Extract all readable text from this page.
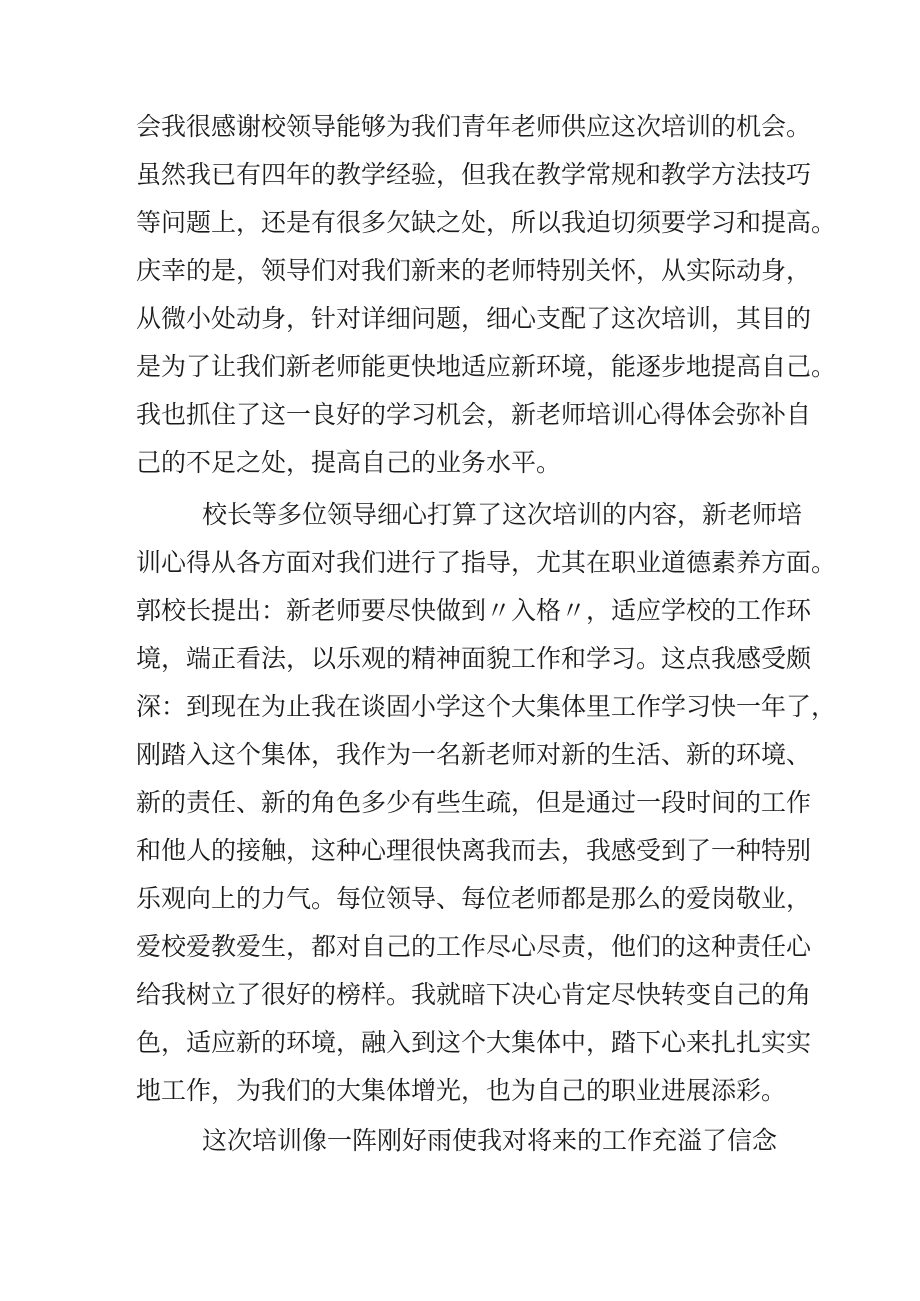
会我很感谢校领导能够为我们青年老师供应这次培训的机会。

虽然我已有四年的教学经验，但我在教学常规和教学方法技巧

等问题上，还是有很多欠缺之处，所以我迫切须要学习和提高。

庆幸的是，领导们对我们新来的老师特别关怀，从实际动身，

从微小处动身，针对详细问题，细心支配了这次培训，其目的

是为了让我们新老师能更快地适应新环境，能逐步地提高自己。

我也抓住了这一良好的学习机会，新老师培训心得体会弥补自

己的不足之处，提高自己的业务水平。

校长等多位领导细心打算了这次培训的内容，新老师培

训心得从各方面对我们进行了指导，尤其在职业道德素养方面。

郭校长提出：新老师要尽快做到〃入格〃，适应学校的工作环

境，端正看法，以乐观的精神面貌工作和学习。这点我感受颇

深：到现在为止我在谈固小学这个大集体里工作学习快一年了，

刚踏入这个集体，我作为一名新老师对新的生活、新的环境、

新的责任、新的角色多少有些生疏，但是通过一段时间的工作

和他人的接触，这种心理很快离我而去，我感受到了一种特别

乐观向上的力气。每位领导、每位老师都是那么的爱岗敬业，

爱校爱教爱生，都对自己的工作尽心尽责，他们的这种责任心

给我树立了很好的榜样。我就暗下决心肯定尽快转变自己的角

色，适应新的环境，融入到这个大集体中，踏下心来扎扎实实

地工作，为我们的大集体增光，也为自己的职业进展添彩。

这次培训像一阵刚好雨使我对将来的工作充溢了信念
